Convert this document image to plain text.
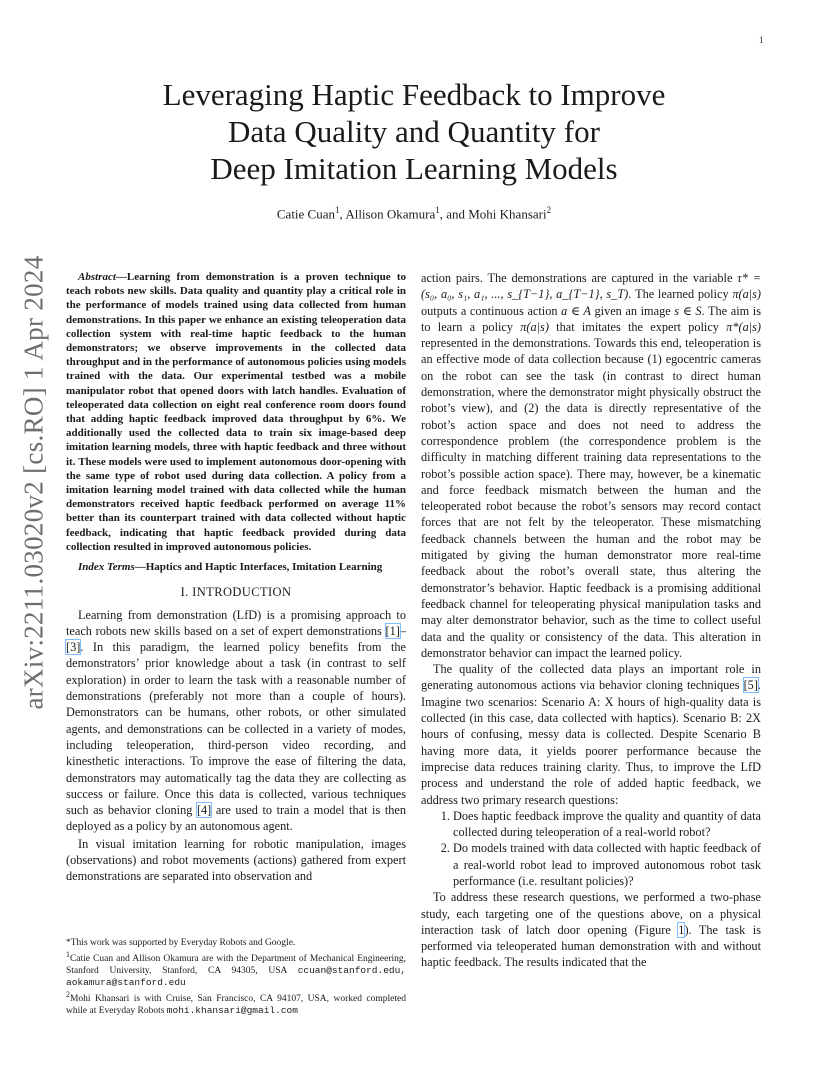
1
arXiv:2211.03020v2 [cs.RO] 1 Apr 2024
Leveraging Haptic Feedback to Improve
Data Quality and Quantity for
Deep Imitation Learning Models
Catie Cuan$^1$, Allison Okamura$^1$, and Mohi Khansari$^2$

Abstract—Learning from demonstration is a proven technique to teach robots new skills. Data quality and quantity play a critical role in the performance of models trained using data collected from human demonstrations. In this paper we enhance an existing teleoperation data collection system with real-time haptic feedback to the human demonstrators; we observe improvements in the collected data throughput and in the performance of autonomous policies using models trained with the data. Our experimental testbed was a mobile manipulator robot that opened doors with latch handles. Evaluation of teleoperated data collection on eight real conference room doors found that adding haptic feedback improved data throughput by 6%. We additionally used the collected data to train six image-based deep imitation learning models, three with haptic feedback and three without it. These models were used to implement autonomous door-opening with the same type of robot used during data collection. A policy from a imitation learning model trained with data collected while the human demonstrators received haptic feedback performed on average 11% better than its counterpart trained with data collected without haptic feedback, indicating that haptic feedback provided during data collection resulted in improved autonomous policies.

Index Terms—Haptics and Haptic Interfaces, Imitation Learning

I. INTRODUCTION

Learning from demonstration (LfD) is a promising approach to teach robots new skills based on a set of expert demonstrations [1]–[3]. In this paradigm, the learned policy benefits from the demonstrators’ prior knowledge about a task (in contrast to self exploration) in order to learn the task with a reasonable number of demonstrations (preferably not more than a couple of hours). Demonstrators can be humans, other robots, or other simulated agents, and demonstrations can be collected in a variety of modes, including teleoperation, third-person video recording, and kinesthetic interactions. To improve the ease of filtering the data, demonstrators may automatically tag the data they are collecting as success or failure. Once this data is collected, various techniques such as behavior cloning [4] are used to train a model that is then deployed as a policy by an autonomous agent.

In visual imitation learning for robotic manipulation, images (observations) and robot movements (actions) gathered from expert demonstrations are separated into observation and

*This work was supported by Everyday Robots and Google.

$^1$Catie Cuan and Allison Okamura are with the Department of Mechanical Engineering, Stanford University, Stanford, CA 94305, USA ccuan@stanford.edu, aokamura@stanford.edu

$^2$Mohi Khansari is with Cruise, San Francisco, CA 94107, USA, worked completed while at Everyday Robots mohi.khansari@gmail.com

action pairs. The demonstrations are captured in the variable τ* = (s₀, a₀, s₁, a₁, ..., s_{T−1}, a_{T−1}, s_T). The learned policy π(a|s) outputs a continuous action a ∈ A given an image s ∈ S. The aim is to learn a policy π(a|s) that imitates the expert policy π*(a|s) represented in the demonstrations. Towards this end, teleoperation is an effective mode of data collection because (1) egocentric cameras on the robot can see the task (in contrast to direct human demonstration, where the demonstrator might physically obstruct the robot’s view), and (2) the data is directly representative of the robot’s action space and does not need to address the correspondence problem (the correspondence problem is the difficulty in matching different training data representations to the robot’s possible action space). There may, however, be a kinematic and force feedback mismatch between the human and the teleoperated robot because the robot’s sensors may record contact forces that are not felt by the teleoperator. These mismatching feedback channels between the human and the robot may be mitigated by giving the human demonstrator more real-time feedback about the robot’s overall state, thus altering the demonstrator’s behavior. Haptic feedback is a promising additional feedback channel for teleoperating physical manipulation tasks and may alter demonstrator behavior, such as the time to collect useful data and the quality or consistency of the data. This alteration in demonstrator behavior can impact the learned policy.

The quality of the collected data plays an important role in generating autonomous actions via behavior cloning techniques [5]. Imagine two scenarios: Scenario A: X hours of high-quality data is collected (in this case, data collected with haptics). Scenario B: 2X hours of confusing, messy data is collected. Despite Scenario B having more data, it yields poorer performance because the imprecise data reduces training clarity. Thus, to improve the LfD process and understand the role of added haptic feedback, we address two primary research questions:

1. Does haptic feedback improve the quality and quantity of data collected during teleoperation of a real-world robot?
2. Do models trained with data collected with haptic feedback of a real-world robot lead to improved autonomous robot task performance (i.e. resultant policies)?

To address these research questions, we performed a two-phase study, each targeting one of the questions above, on a physical interaction task of latch door opening (Figure 1). The task is performed via teleoperated human demonstration with and without haptic feedback. The results indicated that the
